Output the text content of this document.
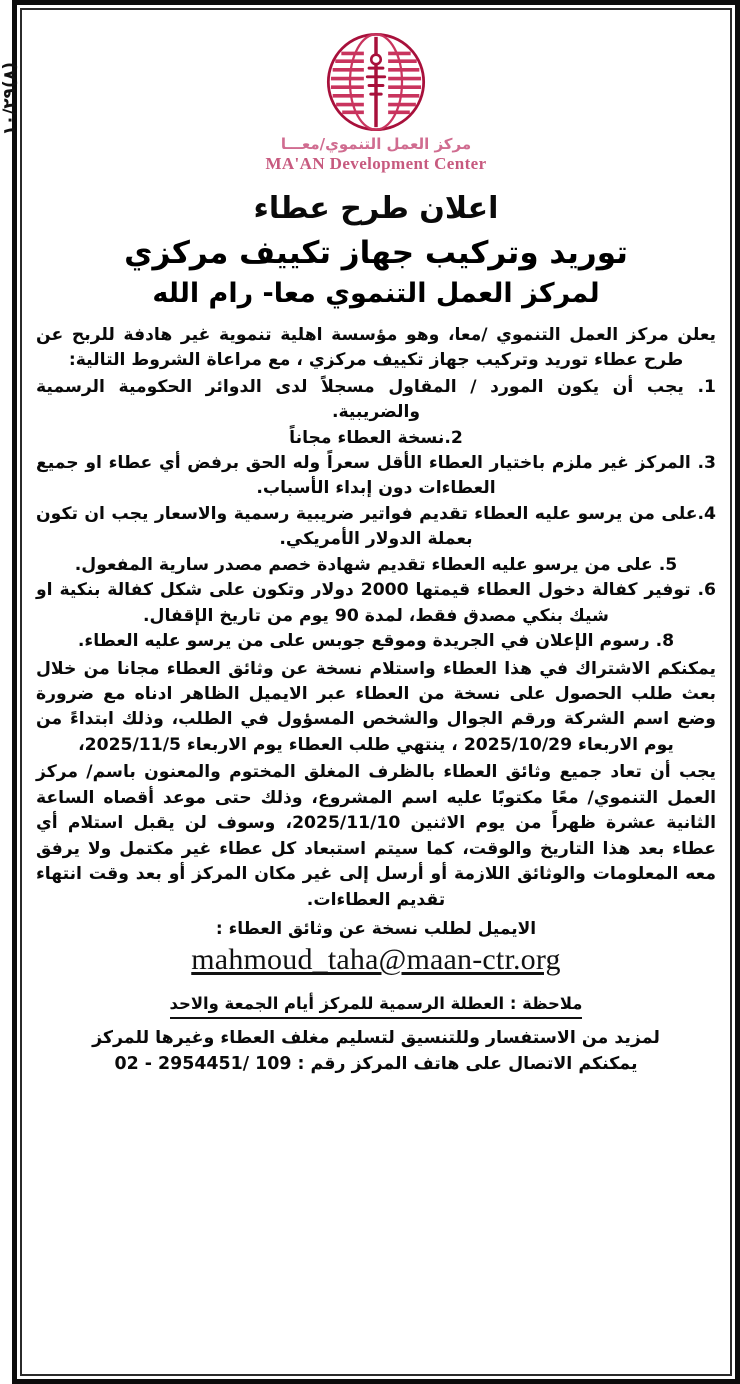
(٨)١٠/٢٩
مركز العمل التنموي/معـــا
MA'AN Development Center
اعلان طرح عطاء
توريد وتركيب جهاز تكييف مركزي
لمركز العمل التنموي معا- رام الله

يعلن مركز العمل التنموي /معا، وهو مؤسسة اهلية تنموية غير هادفة للربح عن طرح عطاء توريد وتركيب جهاز تكييف مركزي ، مع مراعاة الشروط التالية:

1. يجب أن يكون المورد / المقاول مسجلاً لدى الدوائر الحكومية الرسمية والضريبية.
2.نسخة العطاء مجاناً
3. المركز غير ملزم باختيار العطاء الأقل سعراً وله الحق برفض أي عطاء او جميع العطاءات دون إبداء الأسباب.
4.على من يرسو عليه العطاء تقديم فواتير ضريبية رسمية والاسعار يجب ان تكون بعملة الدولار الأمريكي.
5. على من يرسو عليه العطاء تقديم شهادة خصم مصدر سارية المفعول.
6. توفير كفالة دخول العطاء قيمتها 2000 دولار وتكون على شكل كفالة بنكية او شيك بنكي مصدق فقط، لمدة 90 يوم من تاريخ الإقفال.
8. رسوم الإعلان في الجريدة وموقع جوبس على من يرسو عليه العطاء.

يمكنكم الاشتراك في هذا العطاء واستلام نسخة عن وثائق العطاء مجانا من خلال بعث طلب الحصول على نسخة من العطاء عبر الايميل الظاهر ادناه مع ضرورة وضع اسم الشركة ورقم الجوال والشخص المسؤول في الطلب، وذلك ابتداءً من يوم الاربعاء 2025/10/29 ، ينتهي طلب العطاء يوم الاربعاء 2025/11/5،

يجب أن تعاد جميع وثائق العطاء بالظرف المغلق المختوم والمعنون باسم/ مركز العمل التنموي/ معًا مكتوبًا عليه اسم المشروع، وذلك حتى موعد أقصاه الساعة الثانية عشرة ظهراً من يوم الاثنين 2025/11/10، وسوف لن يقبل استلام أي عطاء بعد هذا التاريخ والوقت، كما سيتم استبعاد كل عطاء غير مكتمل ولا يرفق معه المعلومات والوثائق اللازمة أو أرسل إلى غير مكان المركز أو بعد وقت انتهاء تقديم العطاءات.

الايميل لطلب نسخة عن وثائق العطاء :
mahmoud_taha@maan-ctr.org
ملاحظة : العطلة الرسمية للمركز أيام الجمعة والاحد
لمزيد من الاستفسار وللتنسيق لتسليم مغلف العطاء وغيرها للمركز
يمكنكم الاتصال على هاتف المركز رقم : 109 /2954451 - 02
